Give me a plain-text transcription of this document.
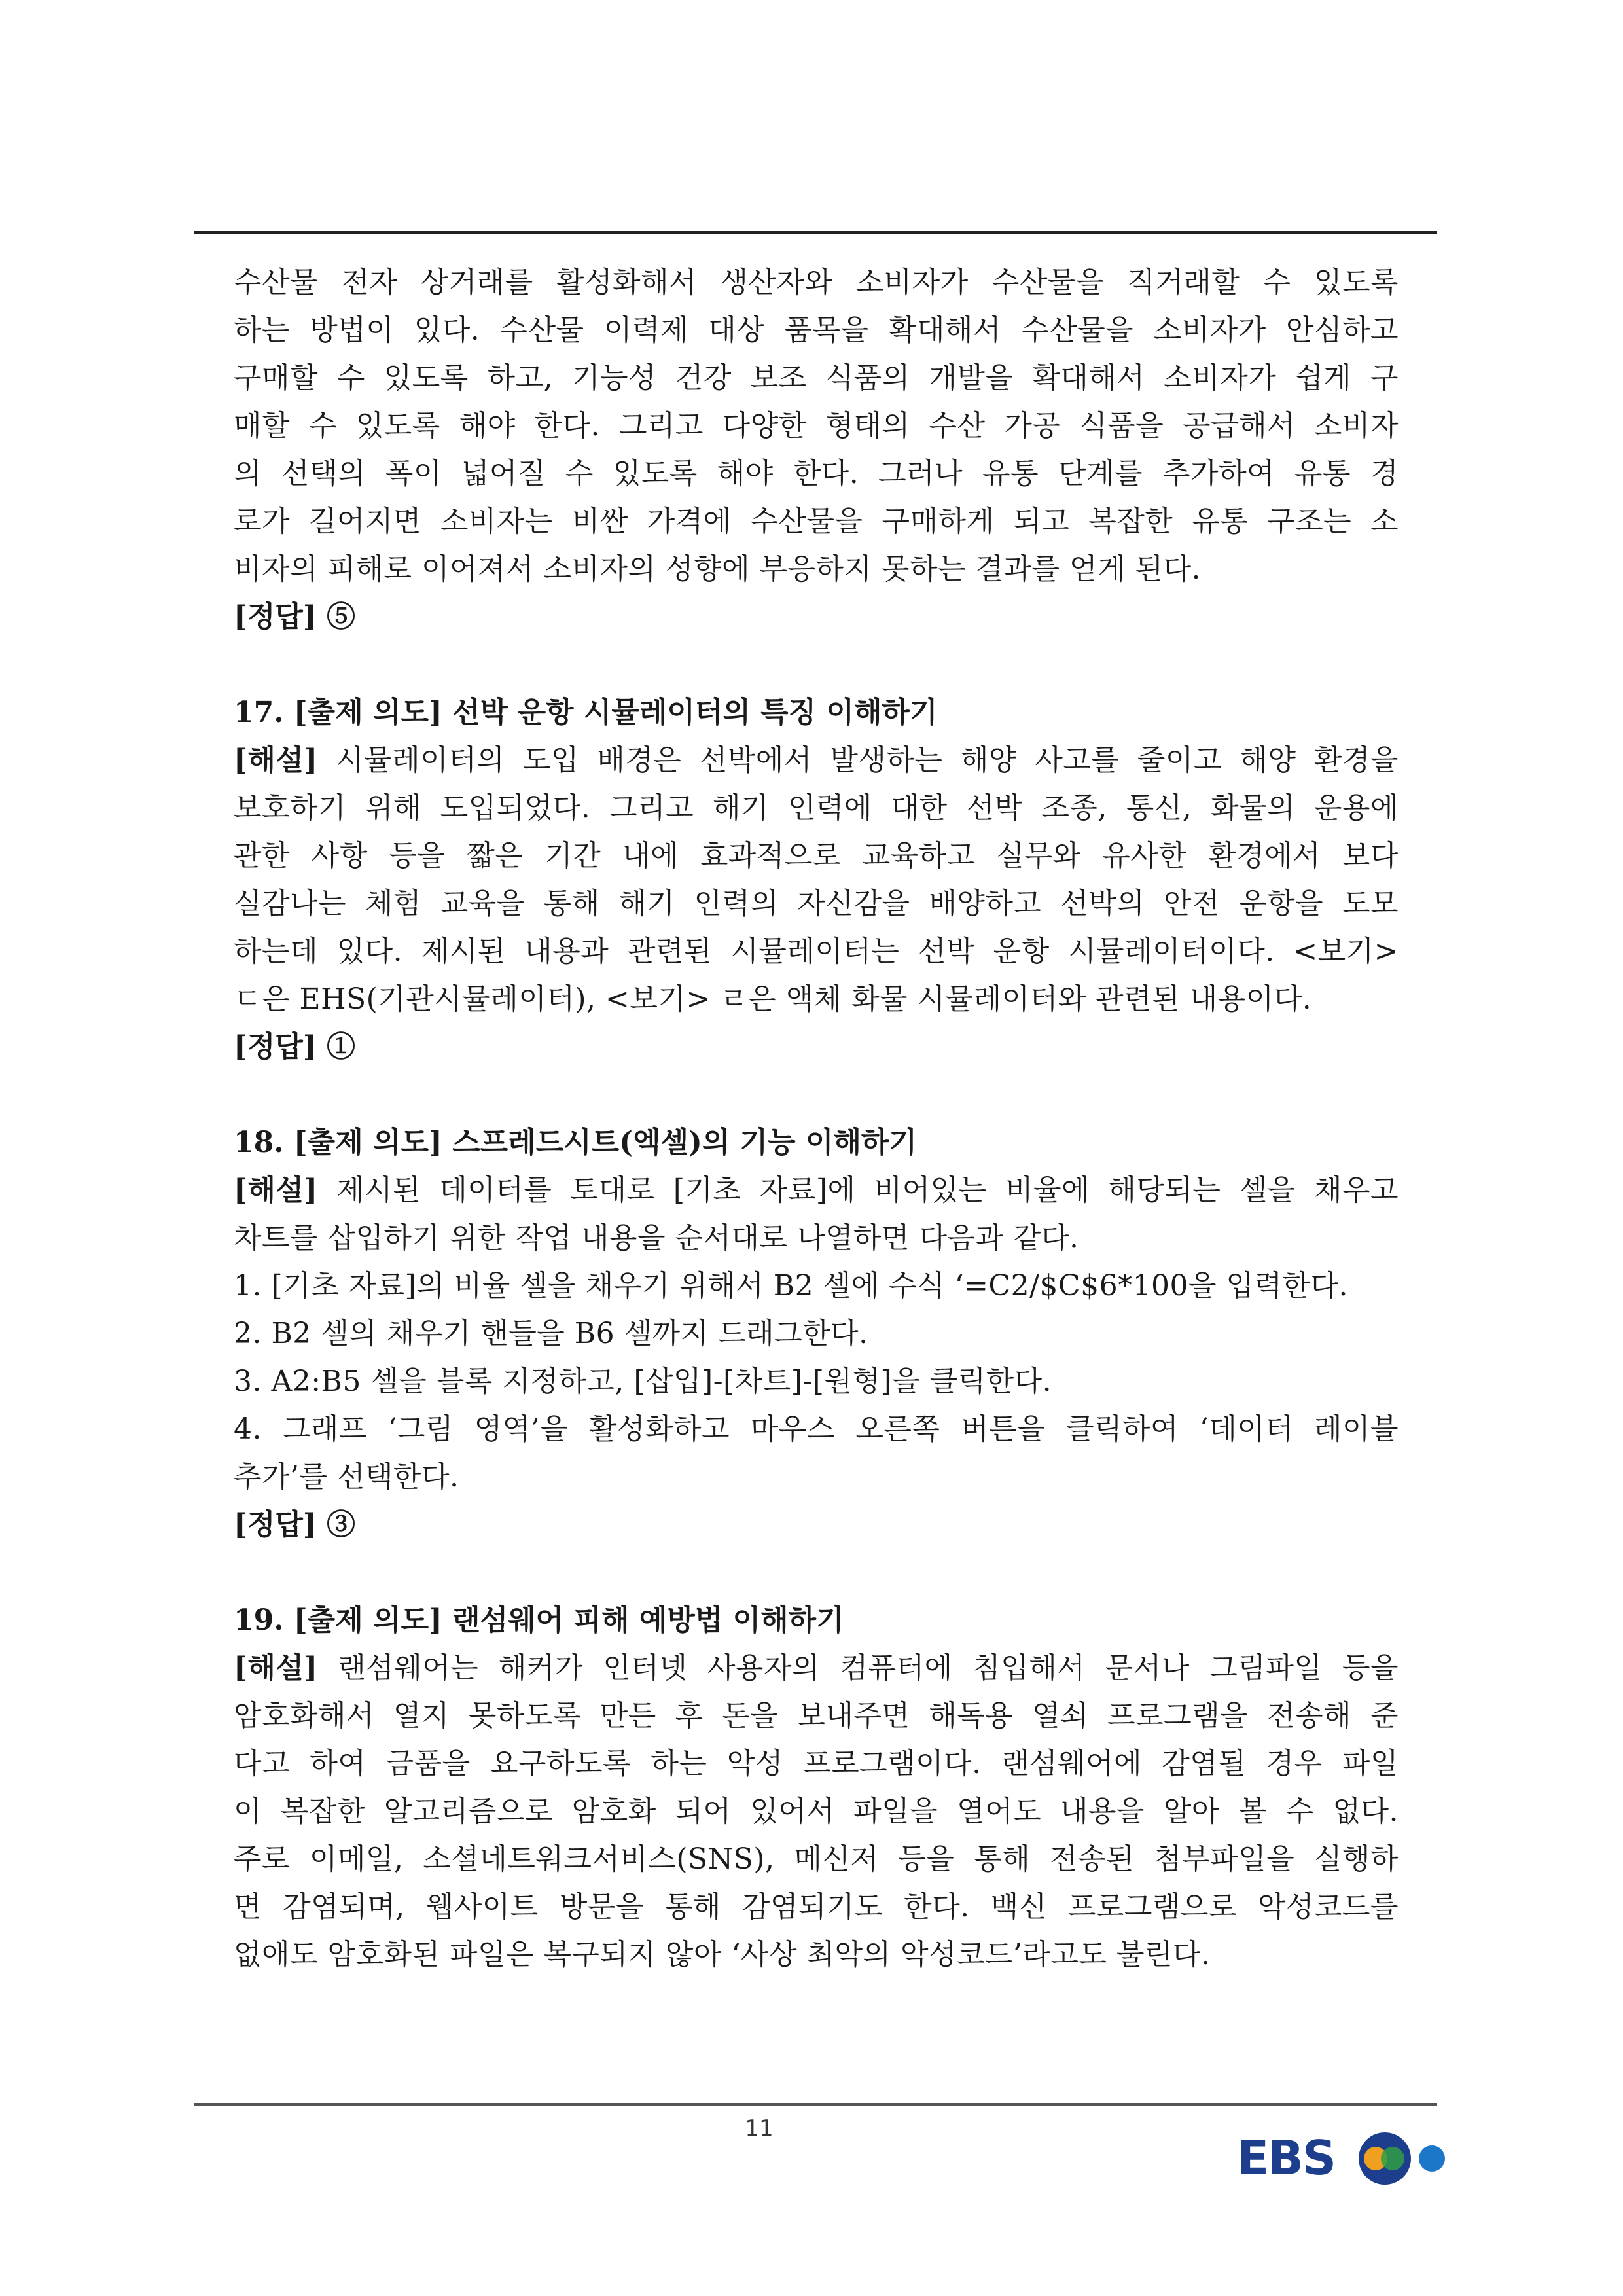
수산물 전자 상거래를 활성화해서 생산자와 소비자가 수산물을 직거래할 수 있도록
하는 방법이 있다. 수산물 이력제 대상 품목을 확대해서 수산물을 소비자가 안심하고
구매할 수 있도록 하고, 기능성 건강 보조 식품의 개발을 확대해서 소비자가 쉽게 구
매할 수 있도록 해야 한다. 그리고 다양한 형태의 수산 가공 식품을 공급해서 소비자
의 선택의 폭이 넓어질 수 있도록 해야 한다. 그러나 유통 단계를 추가하여 유통 경
로가 길어지면 소비자는 비싼 가격에 수산물을 구매하게 되고 복잡한 유통 구조는 소
비자의 피해로 이어져서 소비자의 성향에 부응하지 못하는 결과를 얻게 된다.
[정답] ⑤
17. [출제 의도] 선박 운항 시뮬레이터의 특징 이해하기
[해설] 시뮬레이터의 도입 배경은 선박에서 발생하는 해양 사고를 줄이고 해양 환경을
보호하기 위해 도입되었다. 그리고 해기 인력에 대한 선박 조종, 통신, 화물의 운용에
관한 사항 등을 짧은 기간 내에 효과적으로 교육하고 실무와 유사한 환경에서 보다
실감나는 체험 교육을 통해 해기 인력의 자신감을 배양하고 선박의 안전 운항을 도모
하는데 있다. 제시된 내용과 관련된 시뮬레이터는 선박 운항 시뮬레이터이다. <보기>
ㄷ은 EHS(기관시뮬레이터), <보기> ㄹ은 액체 화물 시뮬레이터와 관련된 내용이다.
[정답] ①
18. [출제 의도] 스프레드시트(엑셀)의 기능 이해하기
[해설] 제시된 데이터를 토대로 [기초 자료]에 비어있는 비율에 해당되는 셀을 채우고
차트를 삽입하기 위한 작업 내용을 순서대로 나열하면 다음과 같다.
1. [기초 자료]의 비율 셀을 채우기 위해서 B2 셀에 수식 ‘=C2/$C$6*100을 입력한다.
2. B2 셀의 채우기 핸들을 B6 셀까지 드래그한다.
3. A2:B5 셀을 블록 지정하고, [삽입]-[차트]-[원형]을 클릭한다.
4. 그래프 ‘그림 영역’을 활성화하고 마우스 오른쪽 버튼을 클릭하여 ‘데이터 레이블
추가’를 선택한다.
[정답] ③
19. [출제 의도] 랜섬웨어 피해 예방법 이해하기
[해설] 랜섬웨어는 해커가 인터넷 사용자의 컴퓨터에 침입해서 문서나 그림파일 등을
암호화해서 열지 못하도록 만든 후 돈을 보내주면 해독용 열쇠 프로그램을 전송해 준
다고 하여 금품을 요구하도록 하는 악성 프로그램이다. 랜섬웨어에 감염될 경우 파일
이 복잡한 알고리즘으로 암호화 되어 있어서 파일을 열어도 내용을 알아 볼 수 없다.
주로 이메일, 소셜네트워크서비스(SNS), 메신저 등을 통해 전송된 첨부파일을 실행하
면 감염되며, 웹사이트 방문을 통해 감염되기도 한다. 백신 프로그램으로 악성코드를
없애도 암호화된 파일은 복구되지 않아 ‘사상 최악의 악성코드’라고도 불린다.
11
EBS
